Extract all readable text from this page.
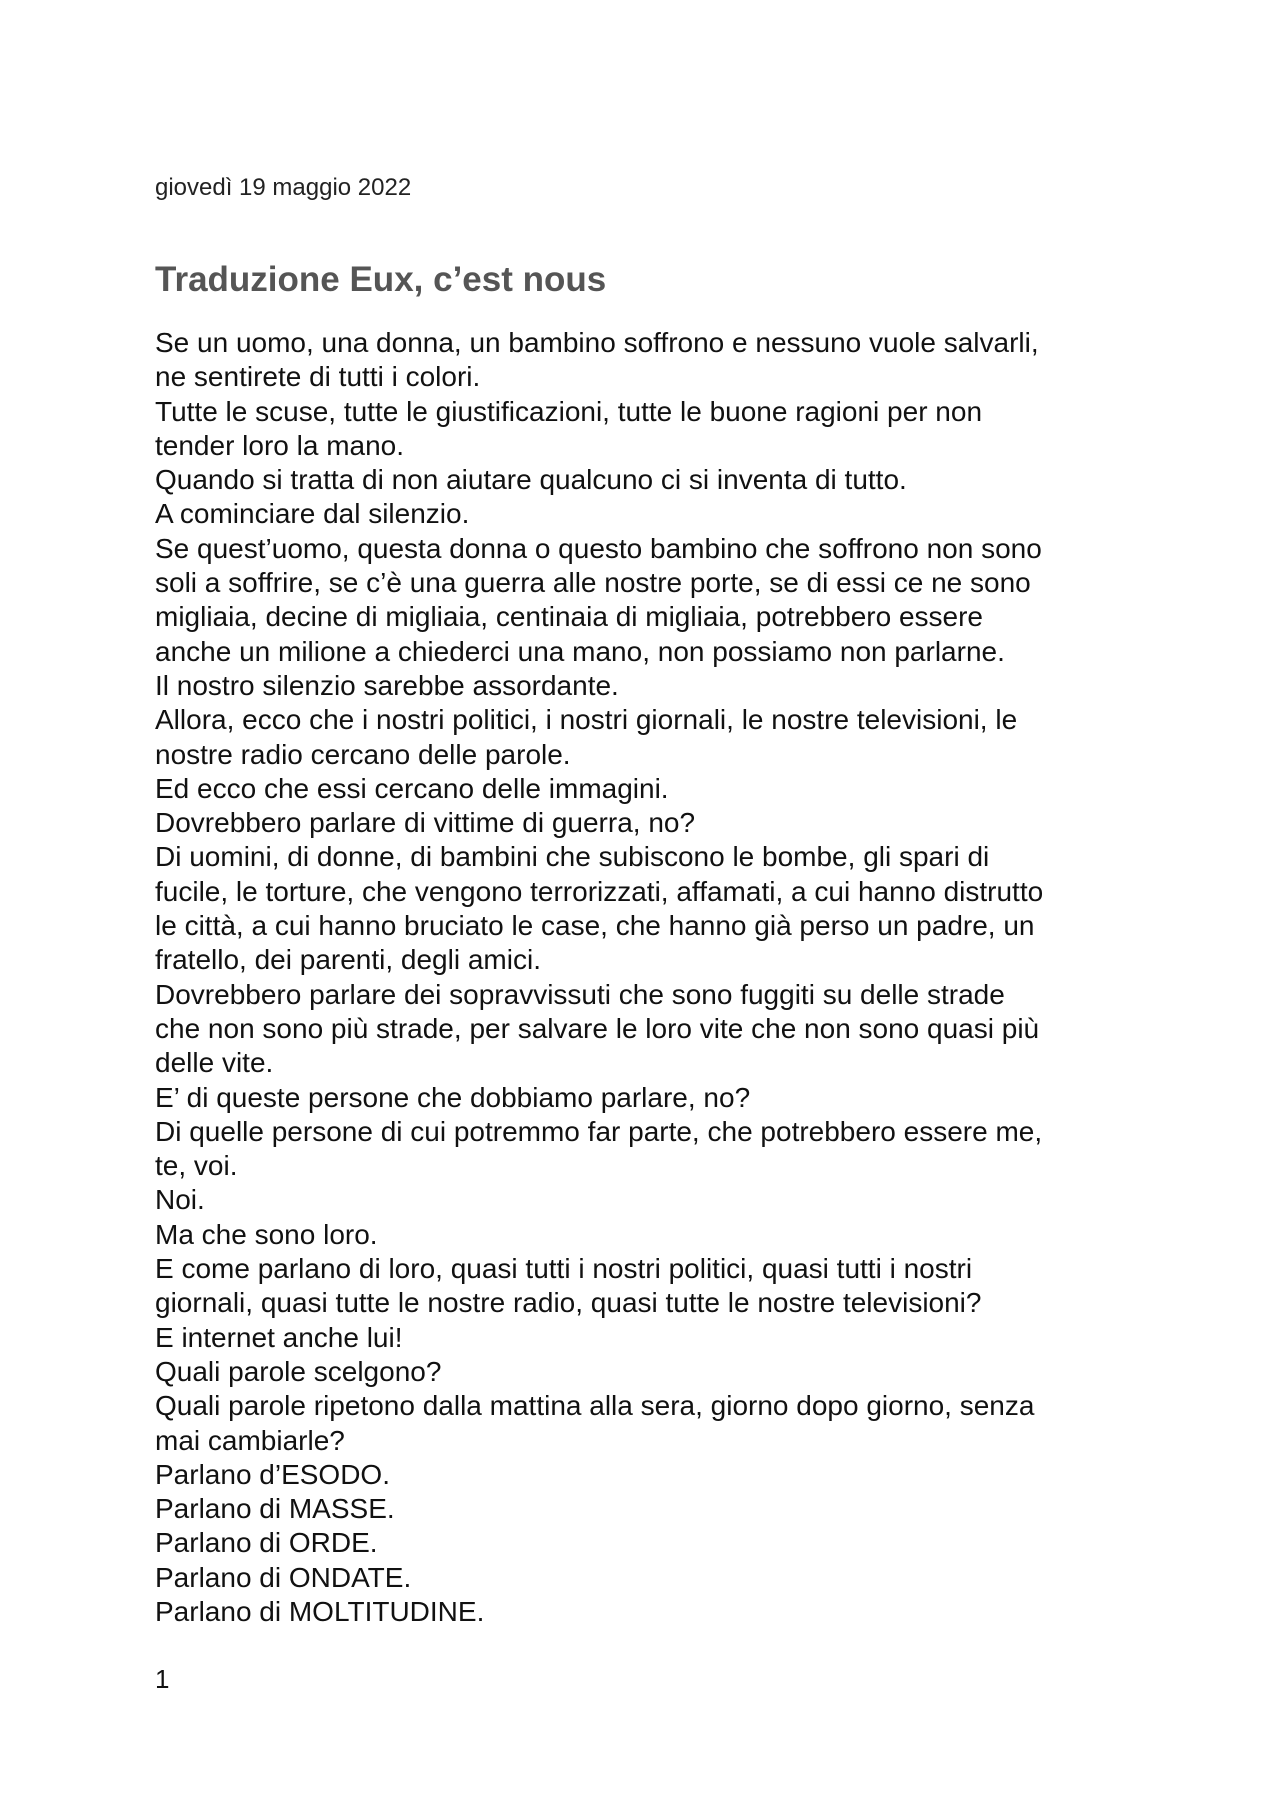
giovedì 19 maggio 2022
Traduzione Eux, c’est nous
Se un uomo, una donna, un bambino soffrono e nessuno vuole salvarli,
ne sentirete di tutti i colori.
Tutte le scuse, tutte le giustificazioni, tutte le buone ragioni per non
tender loro la mano.
Quando si tratta di non aiutare qualcuno ci si inventa di tutto.
A cominciare dal silenzio.
Se quest’uomo, questa donna o questo bambino che soffrono non sono
soli a soffrire, se c’è una guerra alle nostre porte, se di essi ce ne sono
migliaia, decine di migliaia, centinaia di migliaia, potrebbero essere
anche un milione a chiederci una mano, non possiamo non parlarne.
Il nostro silenzio sarebbe assordante.
Allora, ecco che i nostri politici, i nostri giornali, le nostre televisioni, le
nostre radio cercano delle parole.
Ed ecco che essi cercano delle immagini.
Dovrebbero parlare di vittime di guerra, no?
Di uomini, di donne, di bambini che subiscono le bombe, gli spari di
fucile, le torture, che vengono terrorizzati, affamati, a cui hanno distrutto
le città, a cui hanno bruciato le case, che hanno già perso un padre, un
fratello, dei parenti, degli amici.
Dovrebbero parlare dei sopravvissuti che sono fuggiti su delle strade
che non sono più strade, per salvare le loro vite che non sono quasi più
delle vite.
E’ di queste persone che dobbiamo parlare, no?
Di quelle persone di cui potremmo far parte, che potrebbero essere me,
te, voi.
Noi.
Ma che sono loro.
E come parlano di loro, quasi tutti i nostri politici, quasi tutti i nostri
giornali, quasi tutte le nostre radio, quasi tutte le nostre televisioni?
E internet anche lui!
Quali parole scelgono?
Quali parole ripetono dalla mattina alla sera, giorno dopo giorno, senza
mai cambiarle?
Parlano d’ESODO.
Parlano di MASSE.
Parlano di ORDE.
Parlano di ONDATE.
Parlano di MOLTITUDINE.
1
